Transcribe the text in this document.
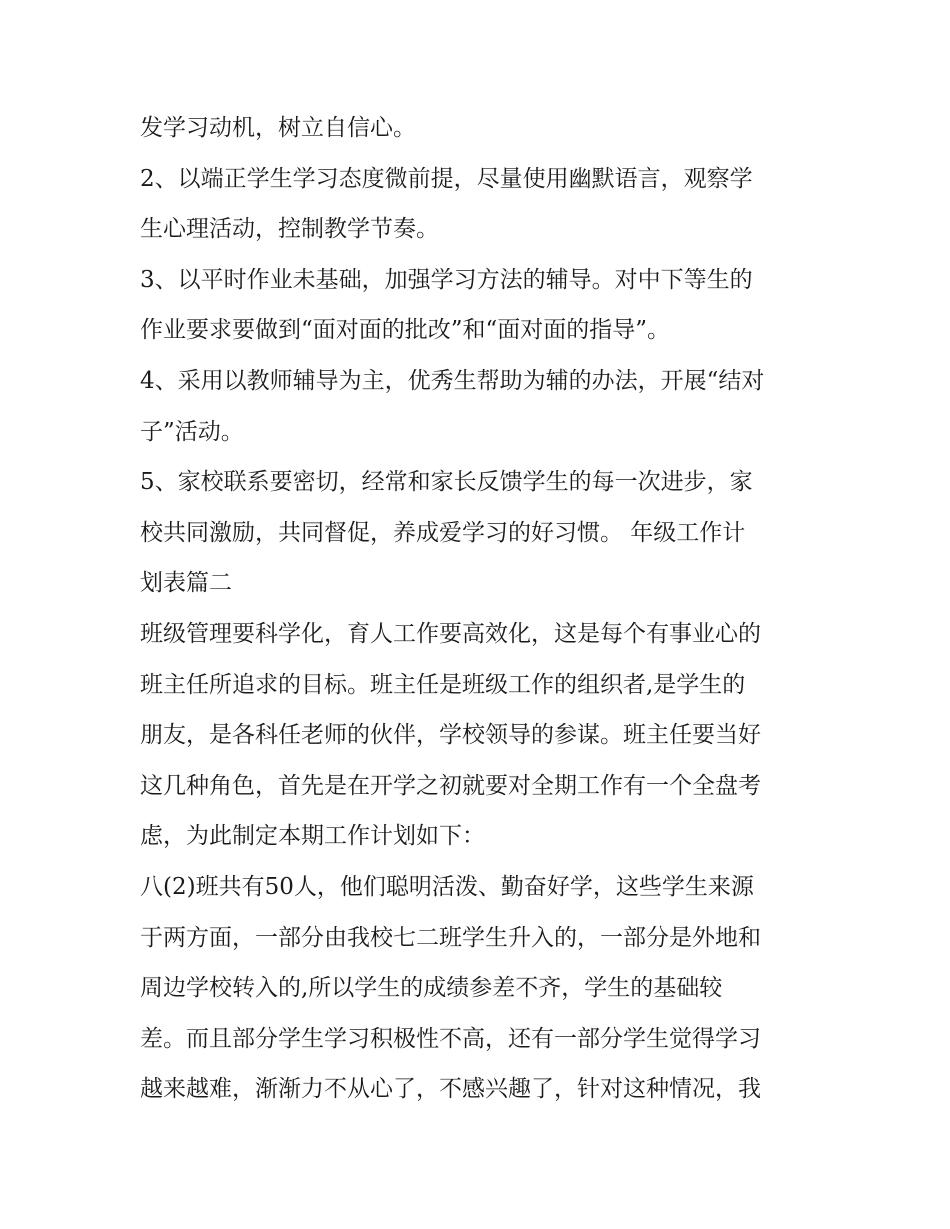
发学习动机，树立自信心。
2、以端正学生学习态度微前提，尽量使用幽默语言，观察学
生心理活动，控制教学节奏。
3、以平时作业未基础，加强学习方法的辅导。对中下等生的
作业要求要做到“面对面的批改”和“面对面的指导”。
4、采用以教师辅导为主，优秀生帮助为辅的办法，开展“结对
子”活动。
5、家校联系要密切，经常和家长反馈学生的每一次进步，家
校共同激励，共同督促，养成爱学习的好习惯。 年级工作计
划表篇二
班级管理要科学化，育人工作要高效化，这是每个有事业心的
班主任所追求的目标。班主任是班级工作的组织者,是学生的
朋友，是各科任老师的伙伴，学校领导的参谋。班主任要当好
这几种角色，首先是在开学之初就要对全期工作有一个全盘考
虑，为此制定本期工作计划如下：
八(2)班共有50人，他们聪明活泼、勤奋好学，这些学生来源
于两方面，一部分由我校七二班学生升入的，一部分是外地和
周边学校转入的,所以学生的成绩参差不齐，学生的基础较
差。而且部分学生学习积极性不高，还有一部分学生觉得学习
越来越难，渐渐力不从心了，不感兴趣了，针对这种情况，我
